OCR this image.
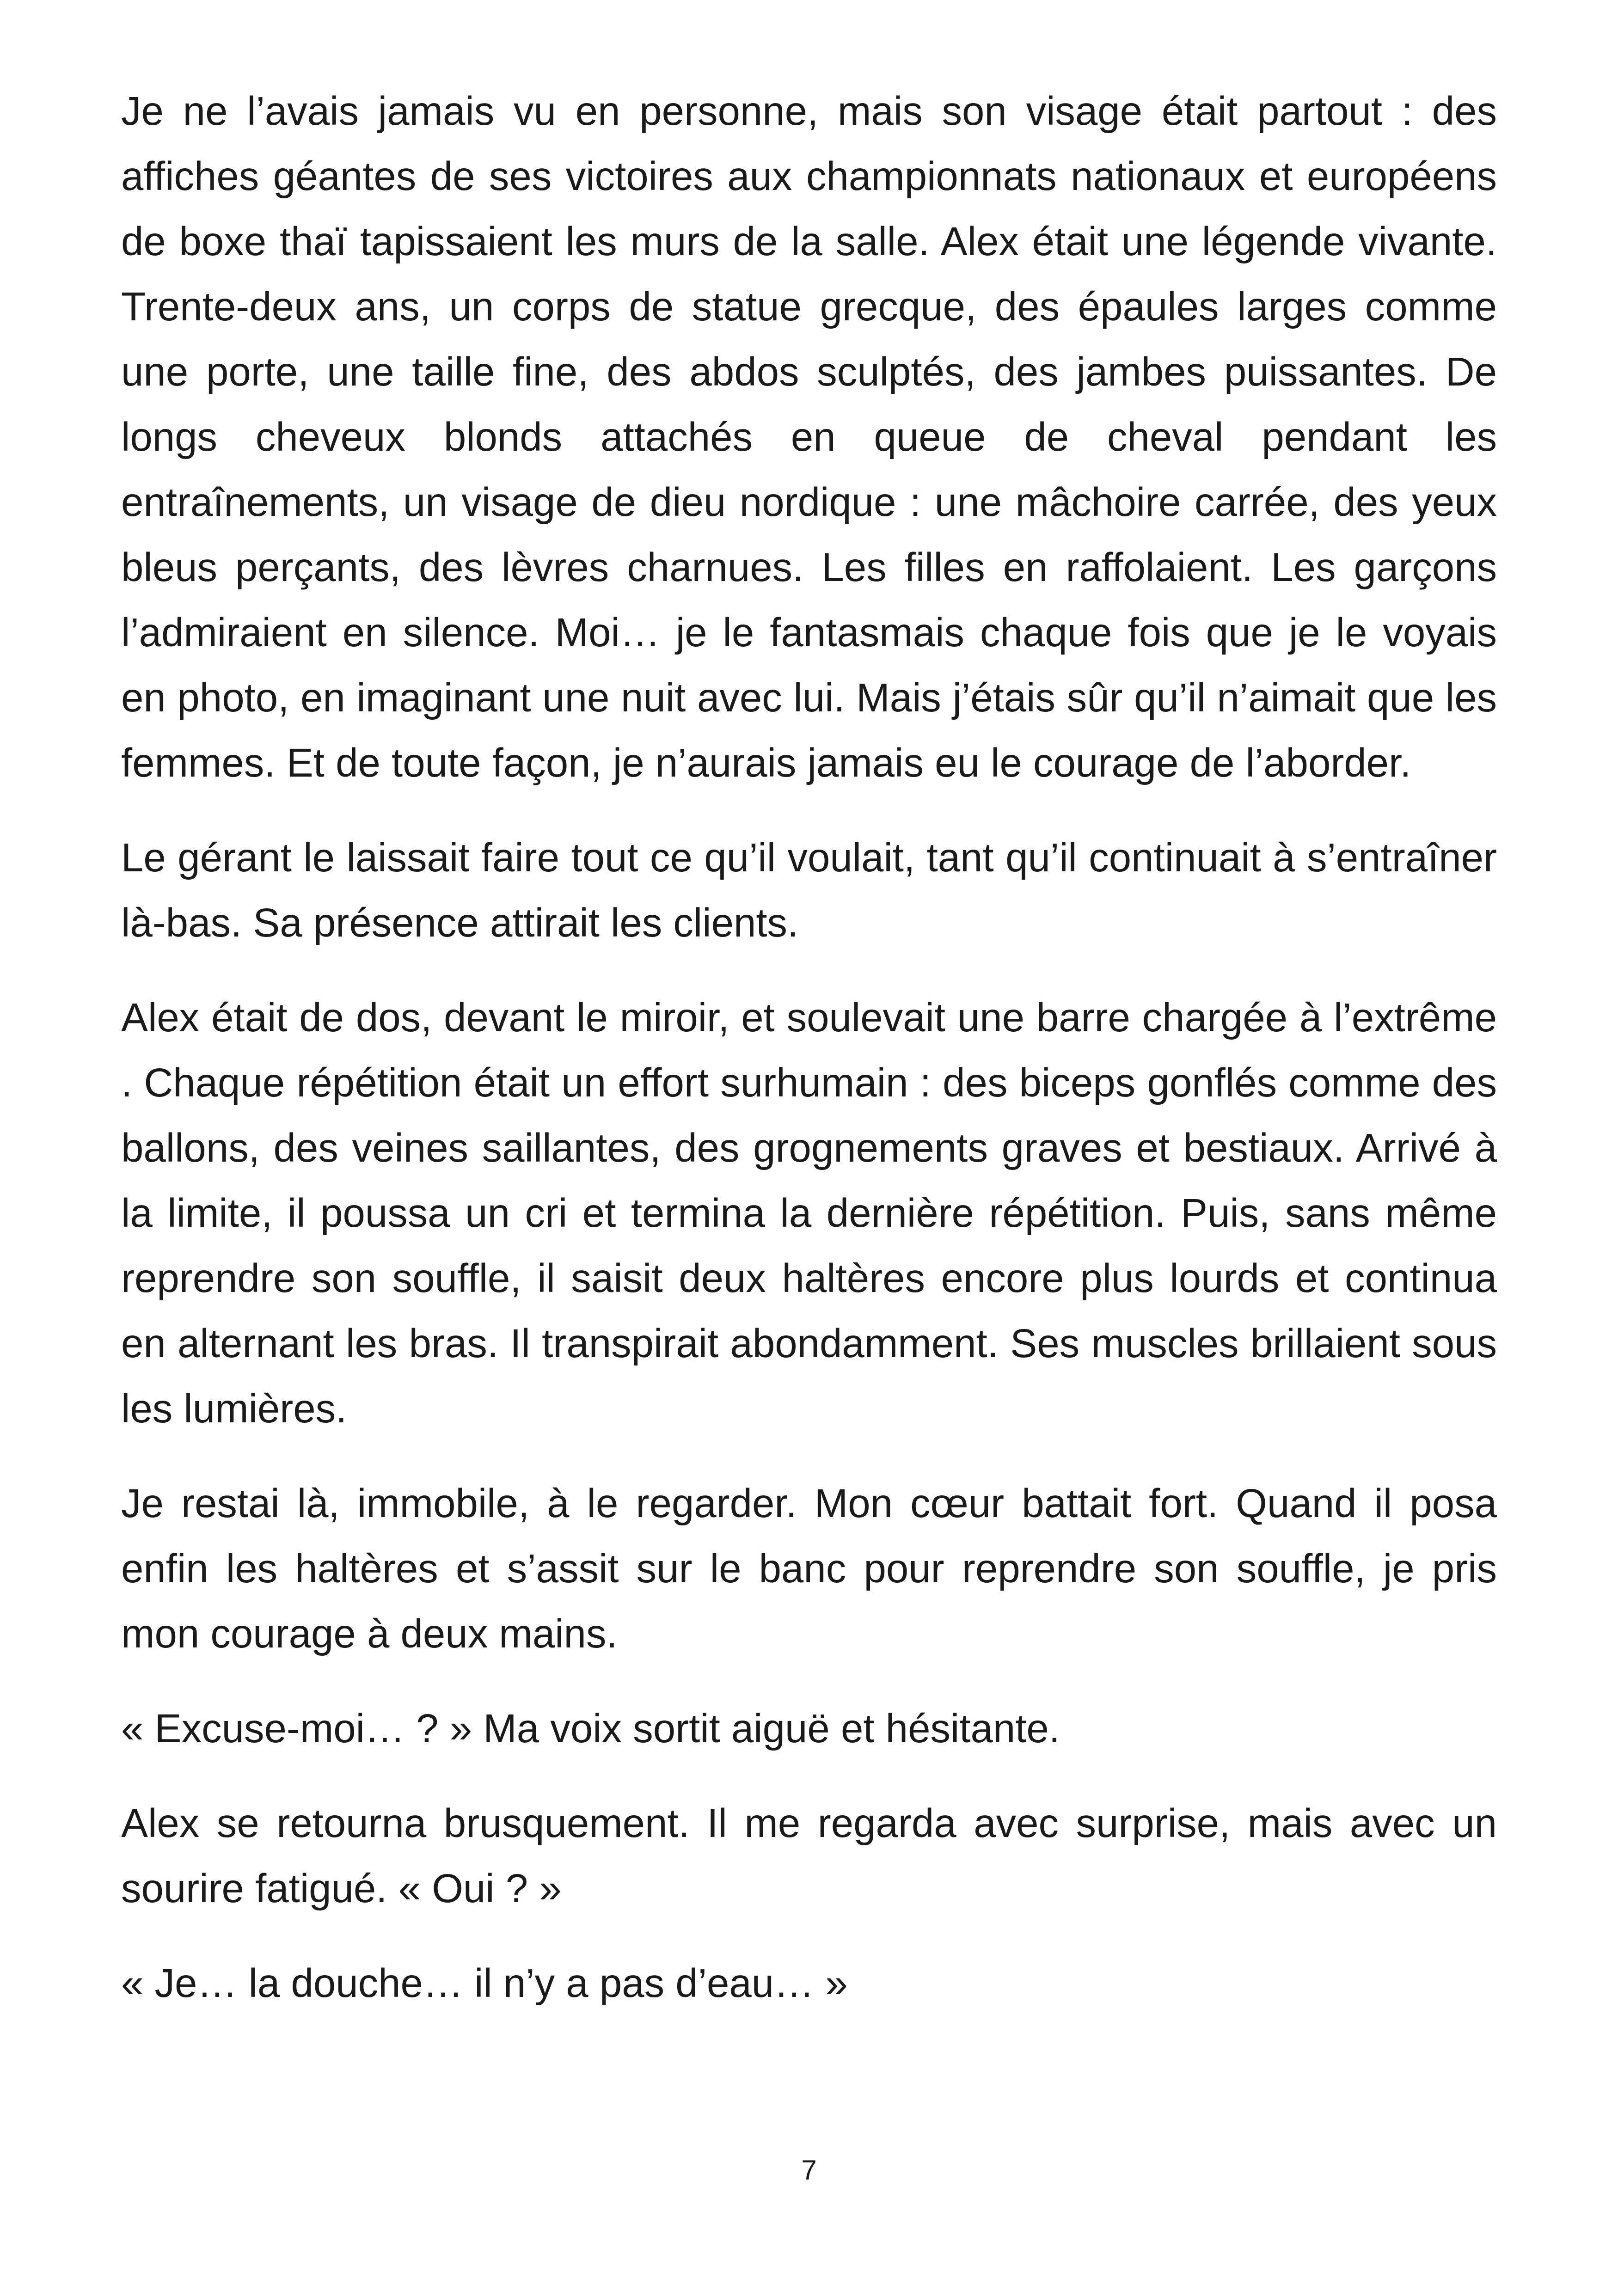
Je ne l’avais jamais vu en personne, mais son visage était partout : des affiches géantes de ses victoires aux championnats nationaux et européens de boxe thaï tapissaient les murs de la salle. Alex était une légende vivante. Trente-deux ans, un corps de statue grecque, des épaules larges comme une porte, une taille fine, des abdos sculptés, des jambes puissantes. De longs cheveux blonds attachés en queue de cheval pendant les entraînements, un visage de dieu nordique : une mâchoire carrée, des yeux bleus perçants, des lèvres charnues. Les filles en raffolaient. Les garçons l’admiraient en silence. Moi… je le fantasmais chaque fois que je le voyais en photo, en imaginant une nuit avec lui. Mais j’étais sûr qu’il n’aimait que les femmes. Et de toute façon, je n’aurais jamais eu le courage de l’aborder.

Le gérant le laissait faire tout ce qu’il voulait, tant qu’il continuait à s’entraîner là-bas. Sa présence attirait les clients.

Alex était de dos, devant le miroir, et soulevait une barre chargée à l’extrême . Chaque répétition était un effort surhumain : des biceps gonflés comme des ballons, des veines saillantes, des grognements graves et bestiaux. Arrivé à la limite, il poussa un cri et termina la dernière répétition. Puis, sans même reprendre son souffle, il saisit deux haltères encore plus lourds et continua en alternant les bras. Il transpirait abondamment. Ses muscles brillaient sous les lumières.

Je restai là, immobile, à le regarder. Mon cœur battait fort. Quand il posa enfin les haltères et s’assit sur le banc pour reprendre son souffle, je pris mon courage à deux mains.

« Excuse-moi… ? » Ma voix sortit aiguë et hésitante.

Alex se retourna brusquement. Il me regarda avec surprise, mais avec un sourire fatigué. « Oui ? »

« Je… la douche… il n’y a pas d’eau… »

7
